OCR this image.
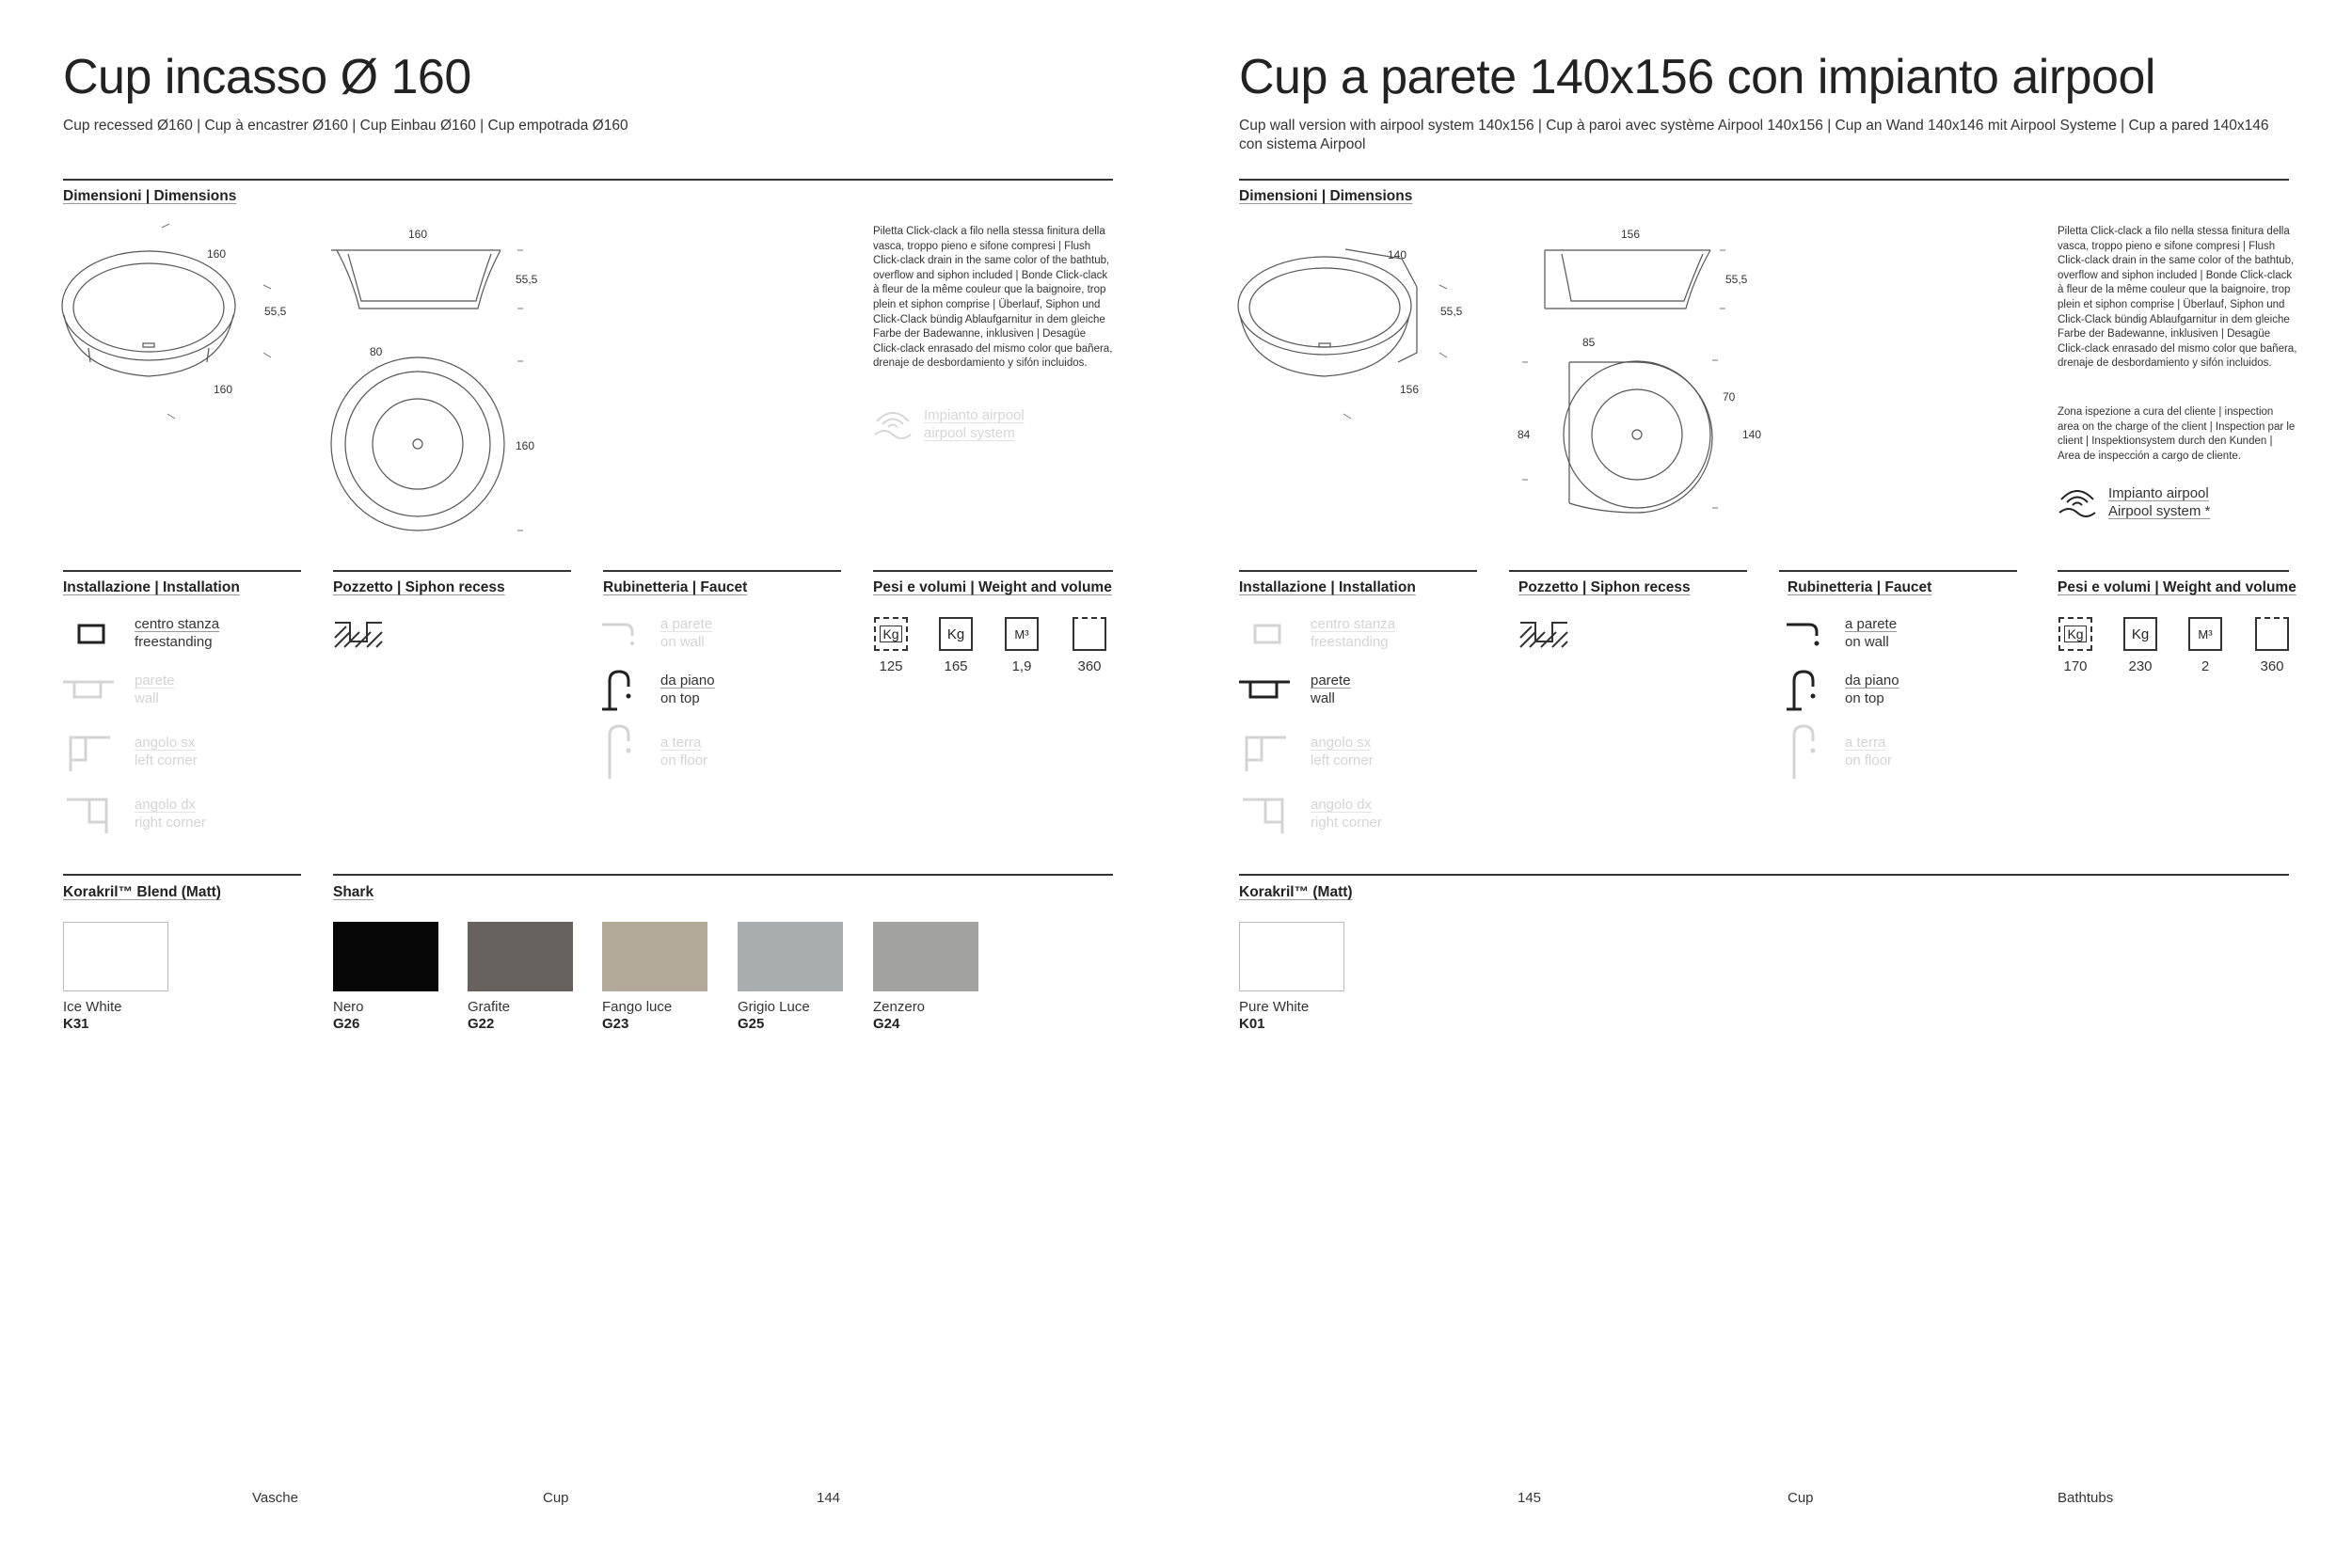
Cup incasso Ø 160
Cup recessed Ø160 | Cup à encastrer Ø160 | Cup Einbau Ø160 | Cup empotrada Ø160
Dimensioni | Dimensions
160
55,5
160
160
55,5
80
160
Piletta Click-clack a filo nella stessa finitura della vasca, troppo pieno e sifone compresi | Flush Click-clack drain in the same color of the bathtub, overflow and siphon included | Bonde Click-clack à fleur de la même couleur que la baignoire, trop plein et siphon comprise | Überlauf, Siphon und Click-Clack bündig Ablaufgarnitur in dem gleiche Farbe der Badewanne, inklusiven | Desagüe Click-clack enrasado del mismo color que bañera, drenaje de desbordamiento y sifón incluidos.
Impianto airpool
airpool system
Installazione | Installation	Pozzetto | Siphon recess	Rubinetteria | Faucet	Pesi e volumi | Weight and volume
centro stanza
freestanding
parete
wall
angolo sx
left corner
angolo dx
right corner
a parete
on wall
da piano
on top
a terra
on floor
Kg
125
Kg
165
M³
1,9	360
Korakril™ Blend (Matt)	Shark
Ice White
K31
Nero
G26
Grafite
G22
Fango luce
G23
Grigio Luce
G25
Zenzero
G24
Vasche	Cup	144
Cup a parete 140x156 con impianto airpool
Cup wall version with airpool system 140x156 | Cup à paroi avec système Airpool 140x156 | Cup an Wand 140x146 mit Airpool Systeme | Cup a pared 140x146 con sistema Airpool
Dimensioni | Dimensions
140
55,5
156
156
55,5
85
84
70
140
Piletta Click-clack a filo nella stessa finitura della vasca, troppo pieno e sifone compresi | Flush Click-clack drain in the same color of the bathtub, overflow and siphon included | Bonde Click-clack à fleur de la même couleur que la baignoire, trop plein et siphon comprise | Überlauf, Siphon und Click-Clack bündig Ablaufgarnitur in dem gleiche Farbe der Badewanne, inklusiven | Desagüe Click-clack enrasado del mismo color que bañera, drenaje de desbordamiento y sifón incluidos.
Zona ispezione a cura del cliente | inspection area on the charge of the client | Inspection par le client | Inspektionsystem durch den Kunden | Area de inspección a cargo de cliente.
Impianto airpool
Airpool system *
Installazione | Installation	Pozzetto | Siphon recess	Rubinetteria | Faucet	Pesi e volumi | Weight and volume
centro stanza
freestanding
parete
wall
angolo sx
left corner
angolo dx
right corner
a parete
on wall
da piano
on top
a terra
on floor
Kg
170
Kg
230
M³
2	360
Korakril™ (Matt)
Pure White
K01
145	Cup	Bathtubs
